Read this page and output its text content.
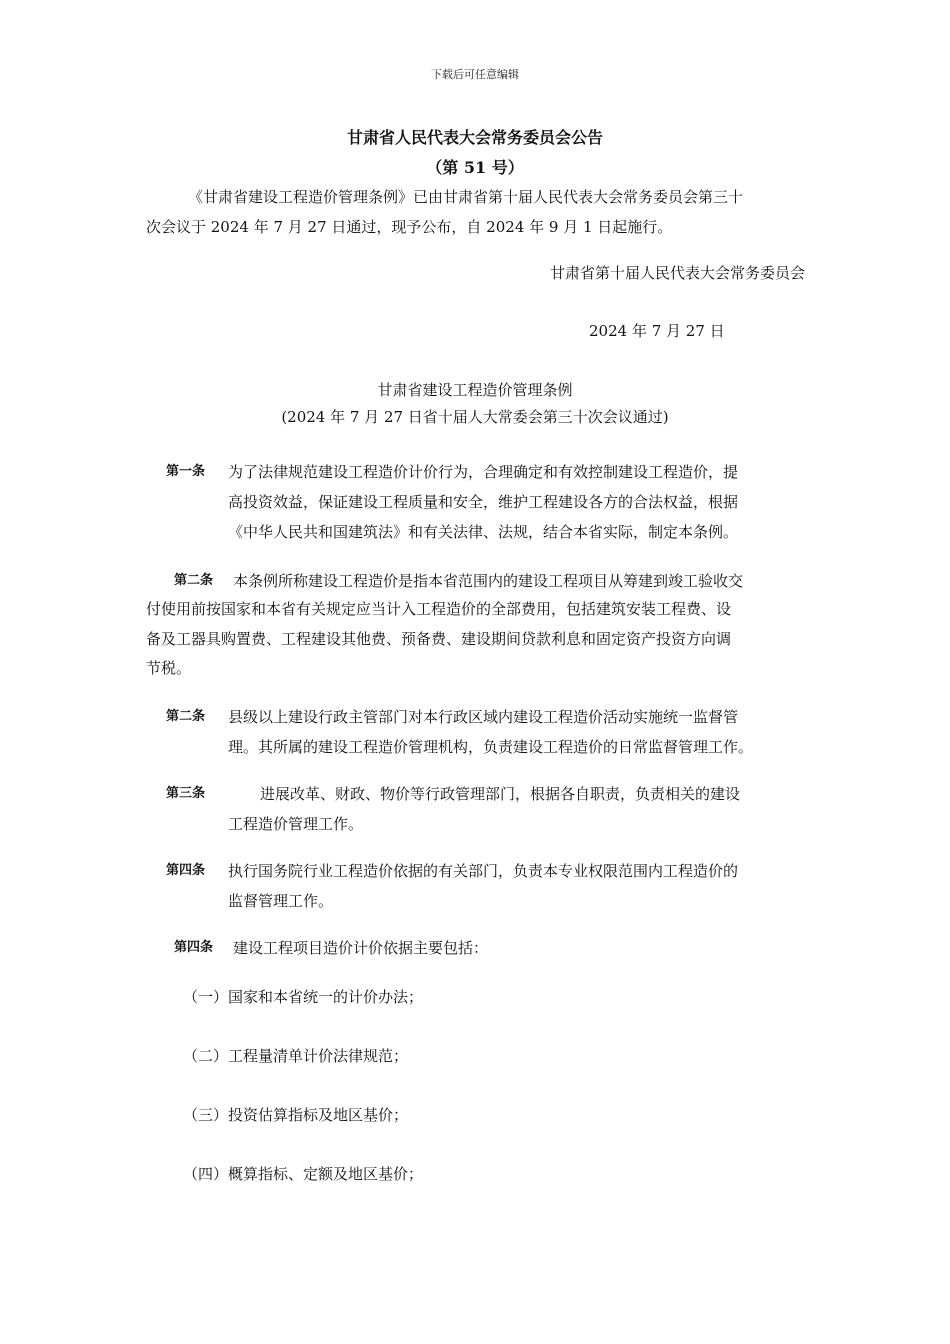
下载后可任意编辑
甘肃省人民代表大会常务委员会公告
（第 51 号）
《甘肃省建设工程造价管理条例》已由甘肃省第十届人民代表大会常务委员会第三十
次会议于 2024 年 7 月 27 日通过，现予公布，自 2024 年 9 月 1 日起施行。
甘肃省第十届人民代表大会常务委员会
2024 年 7 月 27 日
甘肃省建设工程造价管理条例
(2024 年 7 月 27 日省十届人大常委会第三十次会议通过)
第一条 为了法律规范建设工程造价计价行为，合理确定和有效控制建设工程造价，提
高投资效益，保证建设工程质量和安全，维护工程建设各方的合法权益，根据
《中华人民共和国建筑法》和有关法律、法规，结合本省实际，制定本条例。
第二条 本条例所称建设工程造价是指本省范围内的建设工程项目从筹建到竣工验收交
付使用前按国家和本省有关规定应当计入工程造价的全部费用，包括建筑安装工程费、设
备及工器具购置费、工程建设其他费、预备费、建设期间贷款利息和固定资产投资方向调
节税。
第二条 县级以上建设行政主管部门对本行政区域内建设工程造价活动实施统一监督管
理。其所属的建设工程造价管理机构，负责建设工程造价的日常监督管理工作。
第三条	进展改革、财政、物价等行政管理部门，根据各自职责，负责相关的建设
工程造价管理工作。
第四条 执行国务院行业工程造价依据的有关部门，负责本专业权限范围内工程造价的
监督管理工作。
第四条 建设工程项目造价计价依据主要包括：
（一）国家和本省统一的计价办法；
（二）工程量清单计价法律规范；
（三）投资估算指标及地区基价；
（四）概算指标、定额及地区基价；
